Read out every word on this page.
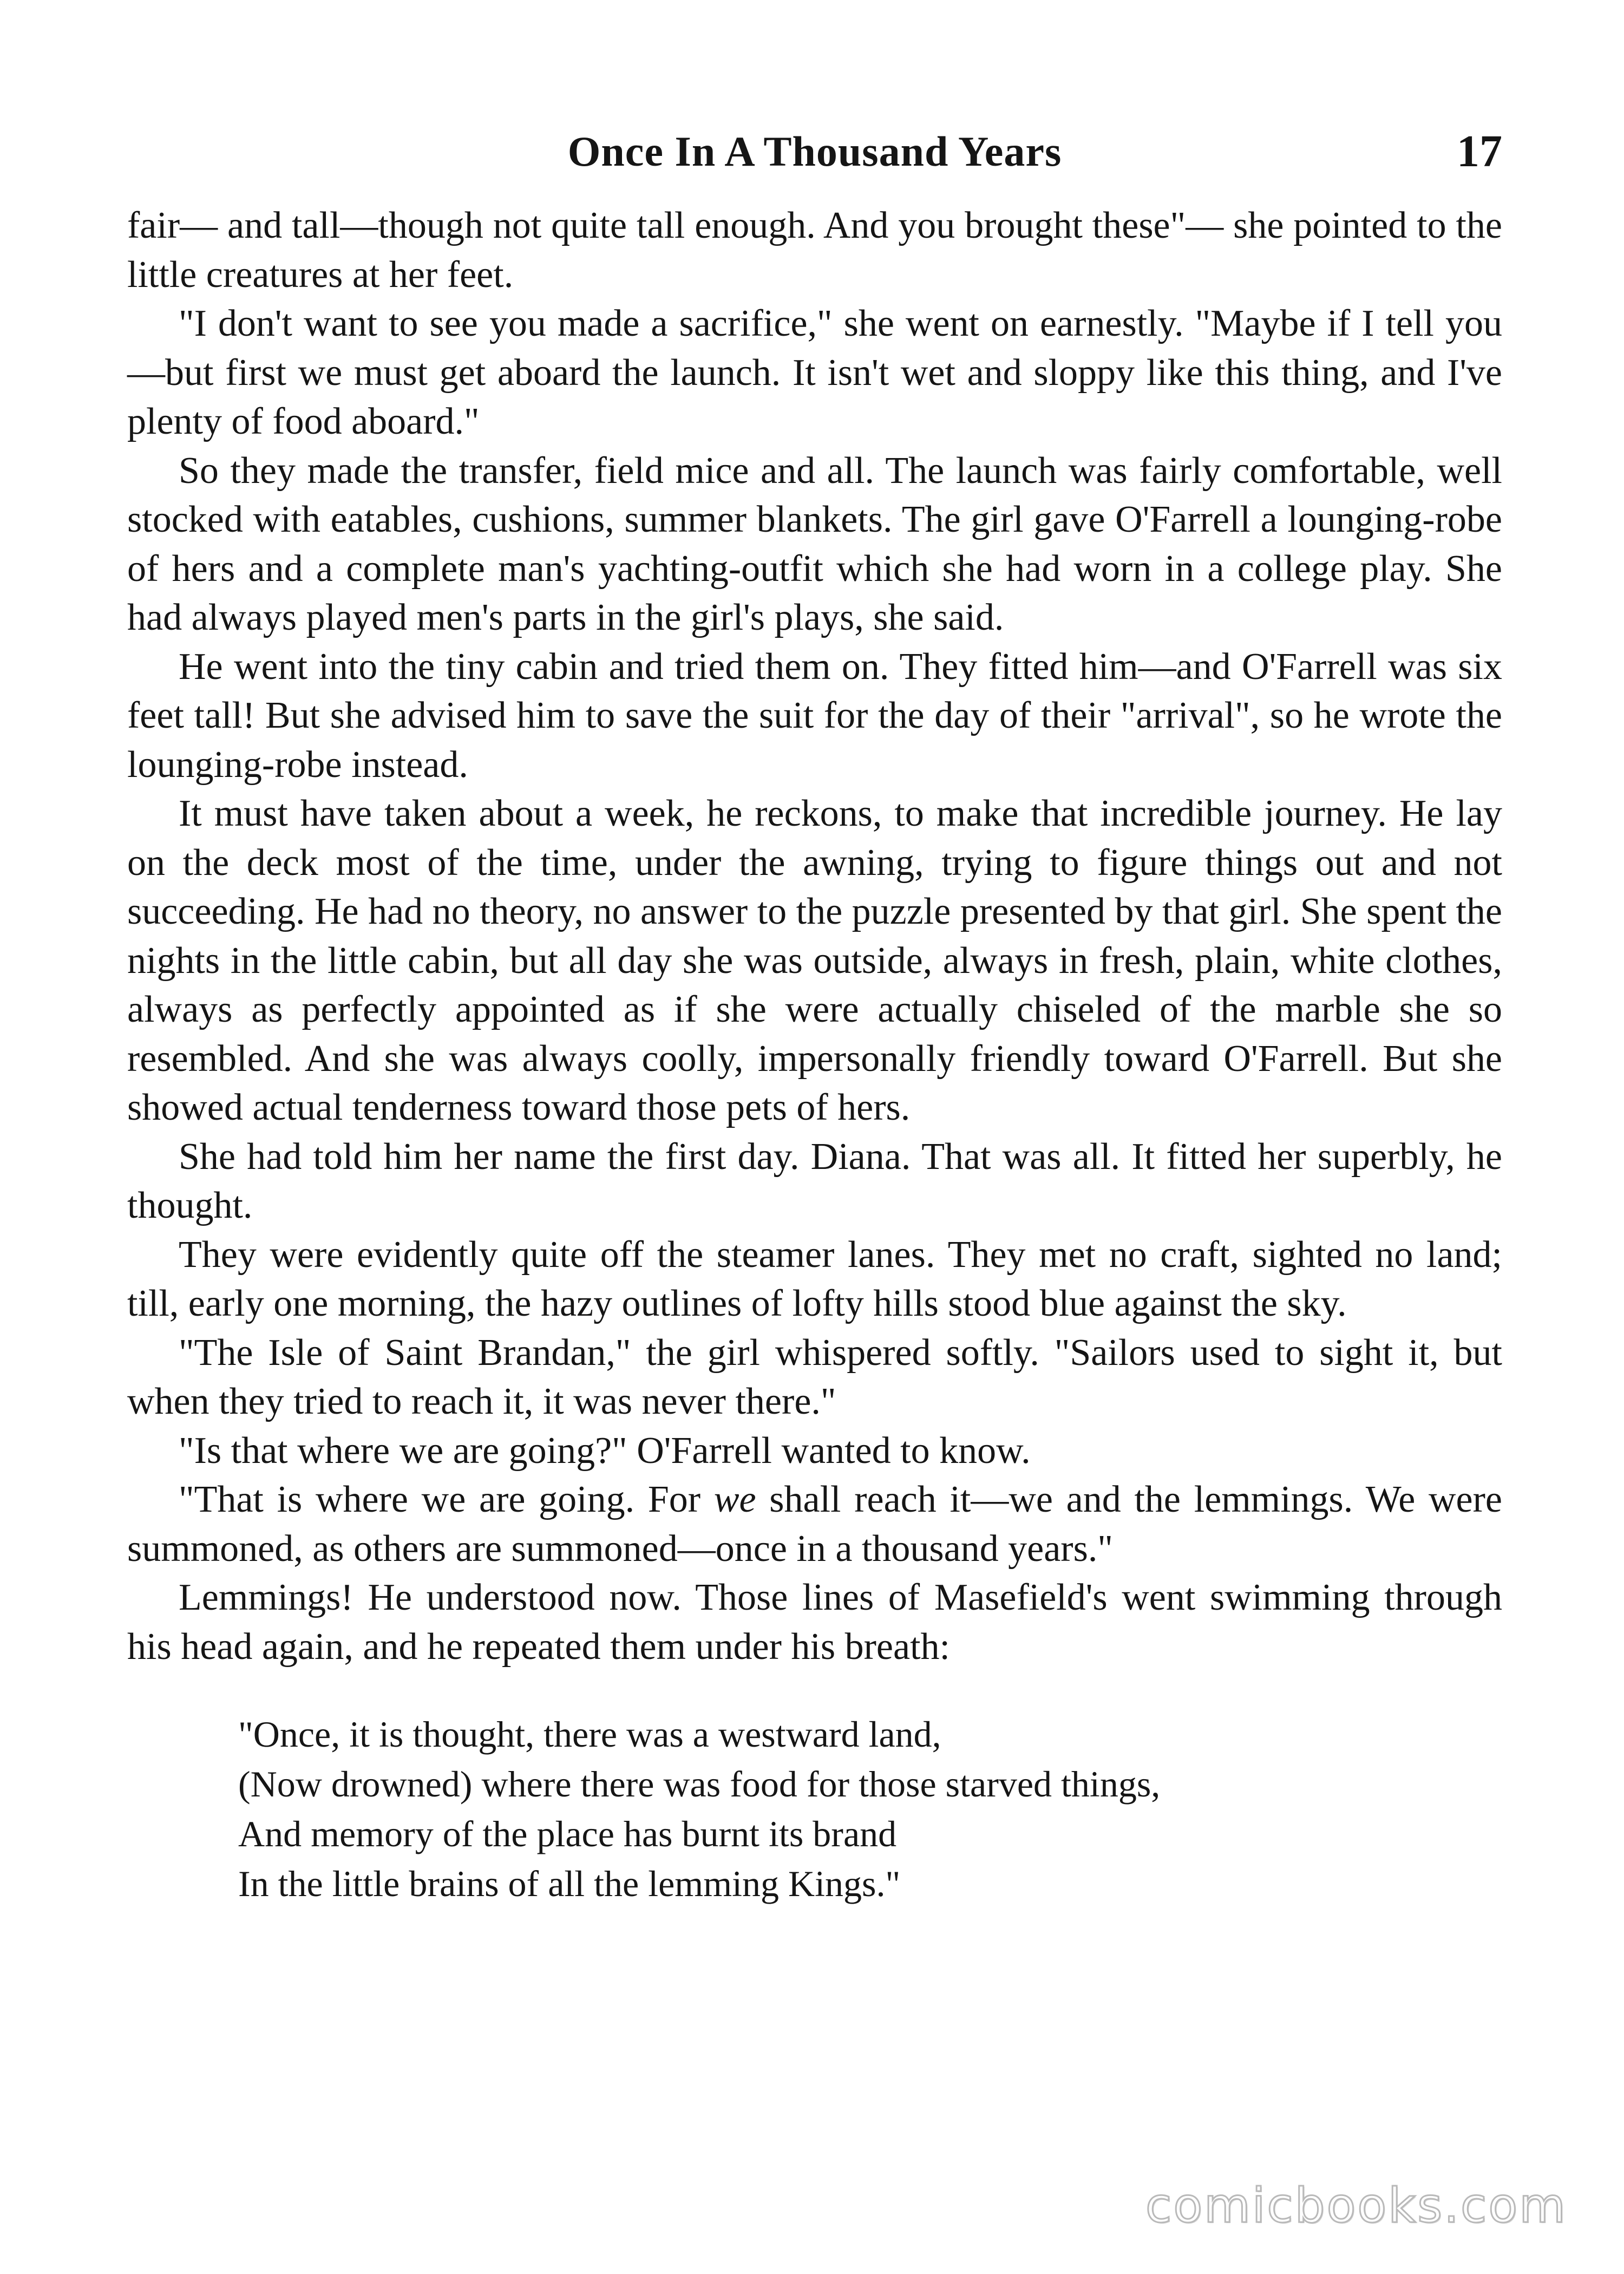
Once In A Thousand Years	17

fair— and tall—though not quite tall enough. And you brought these"— she pointed to the little creatures at her feet.

"I don't want to see you made a sacrifice," she went on earnestly. "Maybe if I tell you—but first we must get aboard the launch. It isn't wet and sloppy like this thing, and I've plenty of food aboard."

So they made the transfer, field mice and all. The launch was fairly comfortable, well stocked with eatables, cushions, summer blankets. The girl gave O'Farrell a lounging-robe of hers and a complete man's yachting-outfit which she had worn in a college play. She had always played men's parts in the girl's plays, she said.

He went into the tiny cabin and tried them on. They fitted him—and O'Farrell was six feet tall! But she advised him to save the suit for the day of their "arrival", so he wrote the lounging-robe instead.

It must have taken about a week, he reckons, to make that incredible journey. He lay on the deck most of the time, under the awning, trying to figure things out and not succeeding. He had no theory, no answer to the puzzle presented by that girl. She spent the nights in the little cabin, but all day she was outside, always in fresh, plain, white clothes, always as perfectly appointed as if she were actually chiseled of the marble she so resembled. And she was always coolly, impersonally friendly toward O'Farrell. But she showed actual tenderness toward those pets of hers.

She had told him her name the first day. Diana. That was all. It fitted her superbly, he thought.

They were evidently quite off the steamer lanes. They met no craft, sighted no land; till, early one morning, the hazy outlines of lofty hills stood blue against the sky.

"The Isle of Saint Brandan," the girl whispered softly. "Sailors used to sight it, but when they tried to reach it, it was never there."

"Is that where we are going?" O'Farrell wanted to know.

"That is where we are going. For we shall reach it—we and the lemmings. We were summoned, as others are summoned—once in a thousand years."

Lemmings! He understood now. Those lines of Masefield's went swimming through his head again, and he repeated them under his breath:

"Once, it is thought, there was a westward land,
(Now drowned) where there was food for those starved things,
And memory of the place has burnt its brand
In the little brains of all the lemming Kings."

comicbooks.com
